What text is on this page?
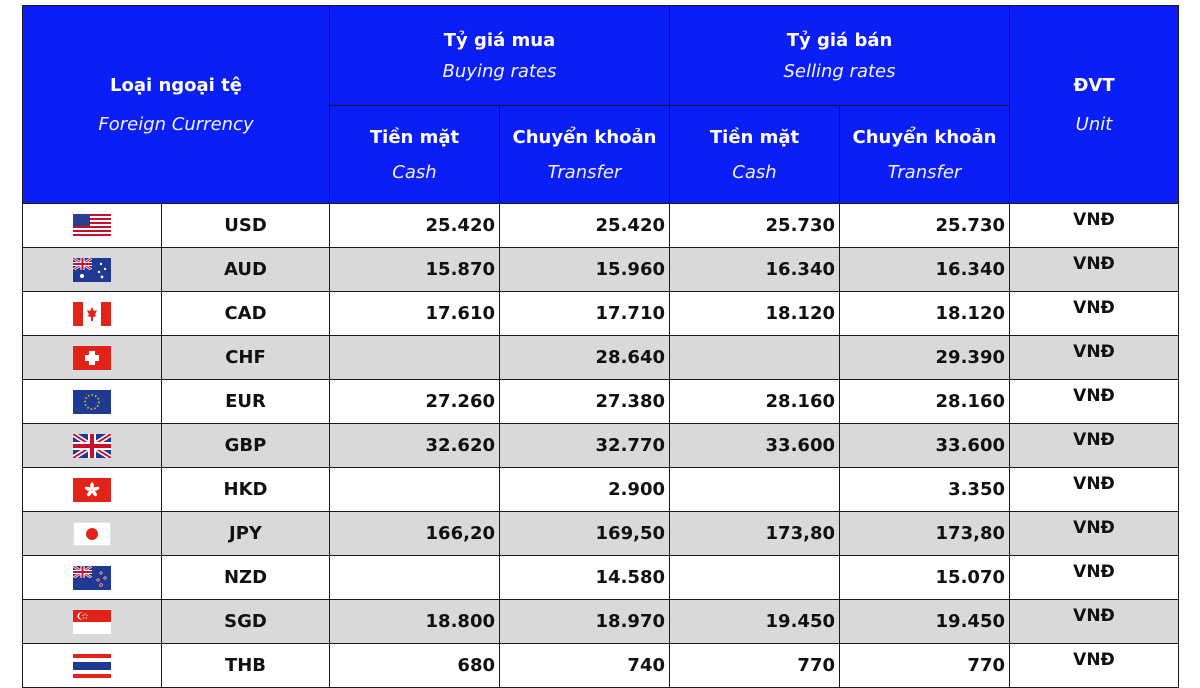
Loại ngoại tệ
Foreign Currency		Tỷ giá mua
Buying rates		Tỷ giá bán
Selling rates		ĐVT
Unit

		Tiền mặt
Cash	Chuyển khoản
Transfer	Tiền mặt
Cash	Chuyển khoản
Transfer	

	USD	25.420	25.420	25.730	25.730	VNĐ
	AUD	15.870	15.960	16.340	16.340	VNĐ
	CAD	17.610	17.710	18.120	18.120	VNĐ
	CHF		28.640		29.390	VNĐ
	EUR	27.260	27.380	28.160	28.160	VNĐ
	GBP	32.620	32.770	33.600	33.600	VNĐ
	HKD		2.900		3.350	VNĐ
	JPY	166,20	169,50	173,80	173,80	VNĐ
	NZD		14.580		15.070	VNĐ
	SGD	18.800	18.970	19.450	19.450	VNĐ
	THB	680	740	770	770	VNĐ
